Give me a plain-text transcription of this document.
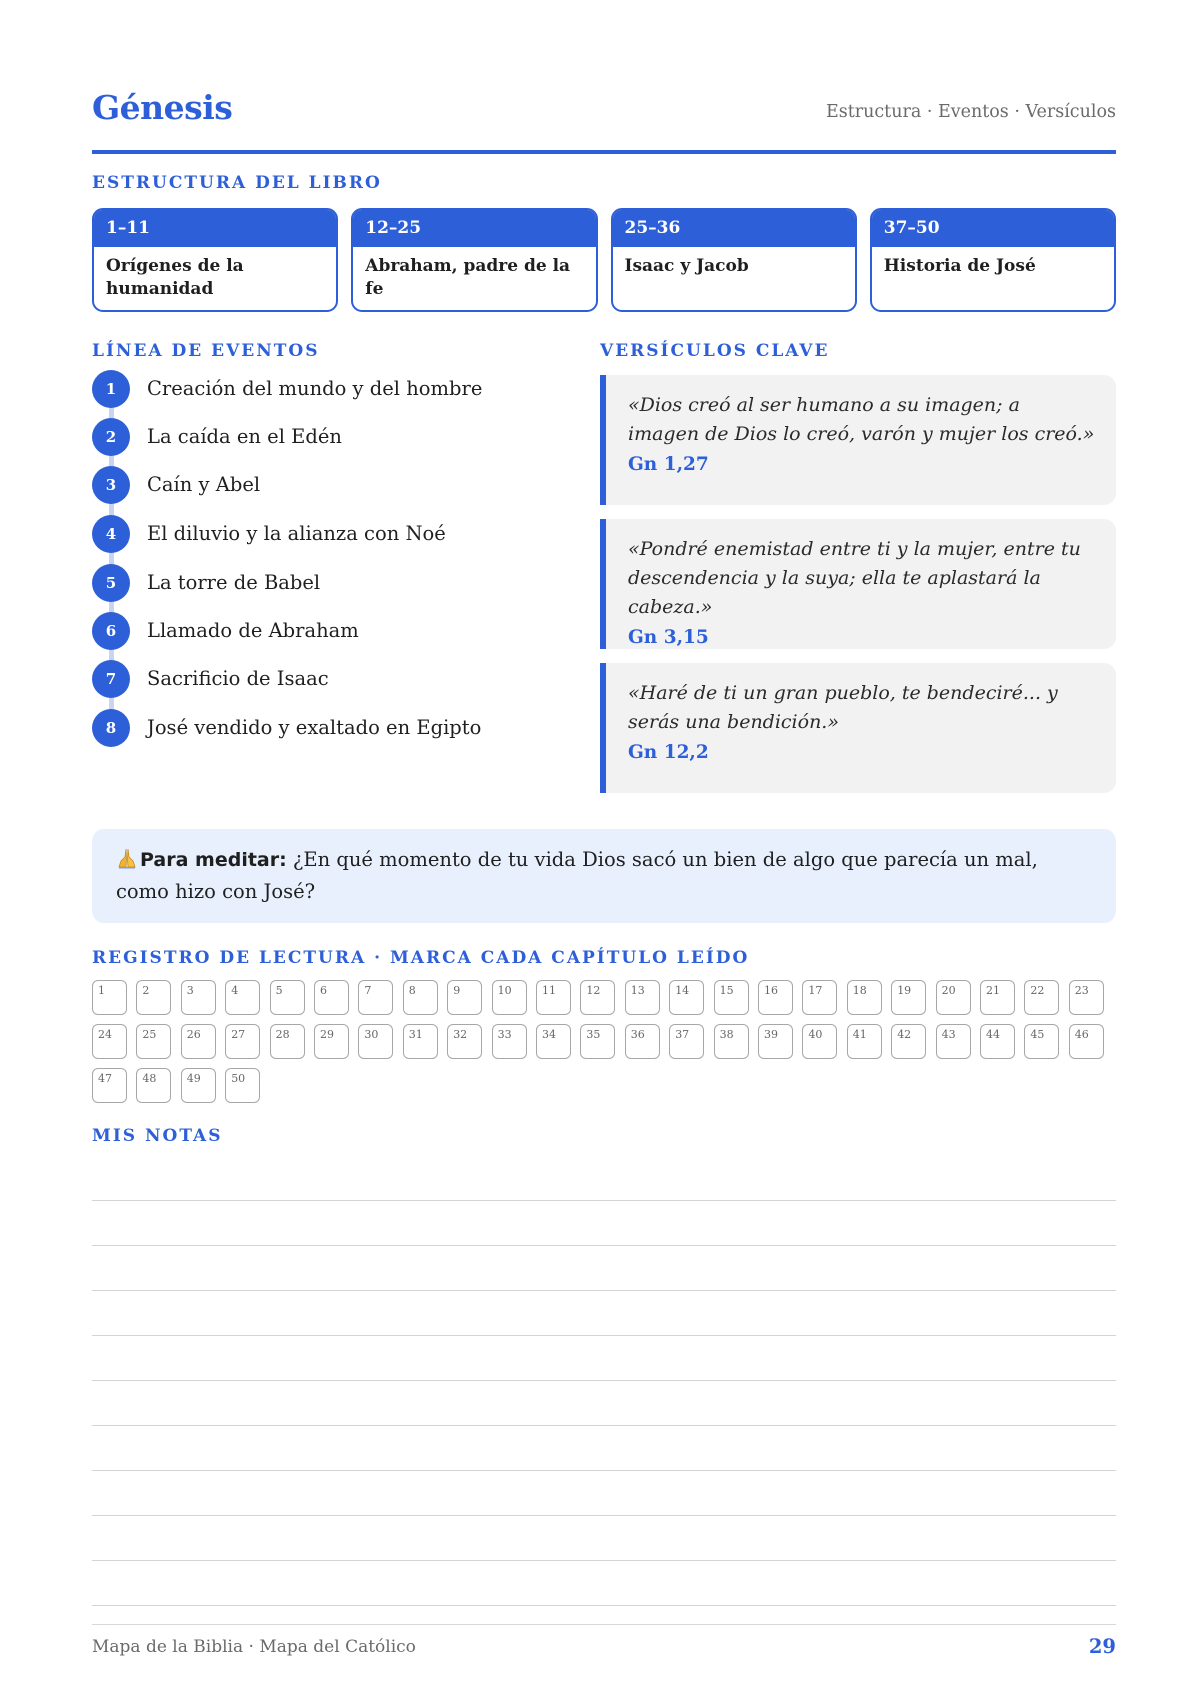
Génesis	Estructura · Eventos · Versículos
ESTRUCTURA DEL LIBRO
1–11
Orígenes de la humanidad
12–25
Abraham, padre de la fe
25–36
Isaac y Jacob
37–50
Historia de José
LÍNEA DE EVENTOS
1	Creación del mundo y del hombre
2	La caída en el Edén
3	Caín y Abel
4	El diluvio y la alianza con Noé
5	La torre de Babel
6	Llamado de Abraham
7	Sacrificio de Isaac
8	José vendido y exaltado en Egipto
VERSÍCULOS CLAVE
«Dios creó al ser humano a su imagen; a imagen de Dios lo creó, varón y mujer los creó.»
Gn 1,27
«Pondré enemistad entre ti y la mujer, entre tu descendencia y la suya; ella te aplastará la cabeza.»
Gn 3,15
«Haré de ti un gran pueblo, te bendeciré... y serás una bendición.»
Gn 12,2
Para meditar: ¿En qué momento de tu vida Dios sacó un bien de algo que parecía un mal, como hizo con José?
REGISTRO DE LECTURA · MARCA CADA CAPÍTULO LEÍDO
1	2	3	4	5	6	7	8	9	10	11	12	13	14	15	16	17	18	19	20	21	22	23
24	25	26	27	28	29	30	31	32	33	34	35	36	37	38	39	40	41	42	43	44	45	46
47	48	49	50
MIS NOTAS
Mapa de la Biblia · Mapa del Católico	29
